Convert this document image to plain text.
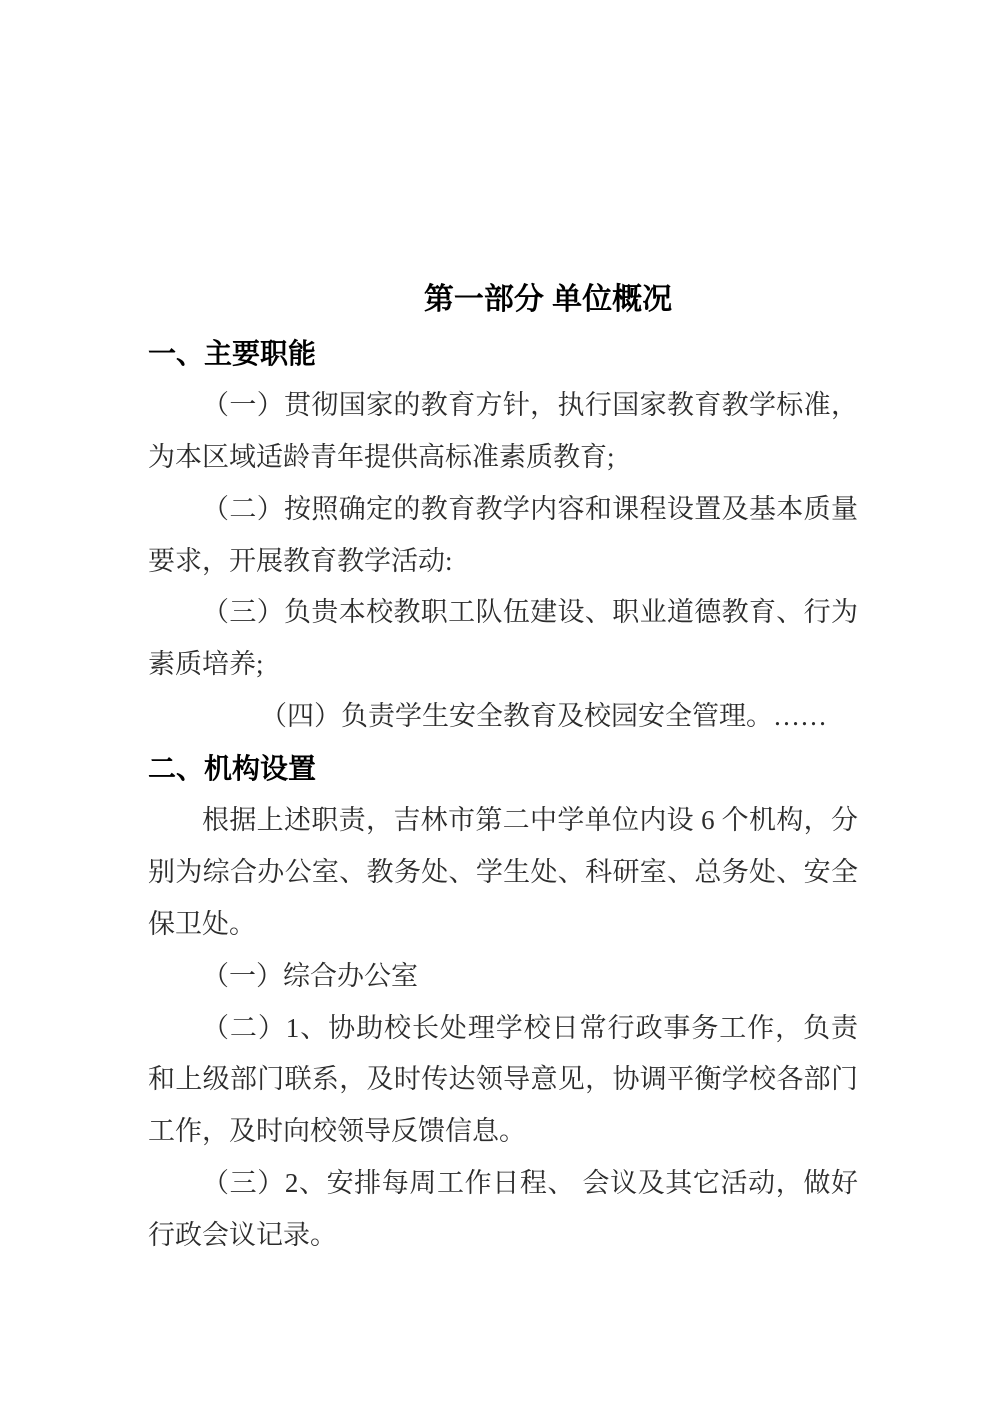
第一部分 单位概况
一、主要职能
（一）贯彻国家的教育方针，执行国家教育教学标准，
为本区域适龄青年提供高标准素质教育;
（二）按照确定的教育教学内容和课程设置及基本质量
要求，开展教育教学活动:
（三）负贵本校教职工队伍建设、职业道德教育、行为
素质培养;
（四）负责学生安全教育及校园安全管理。……
二、机构设置
根据上述职责，吉林市第二中学单位内设 6 个机构，分
别为综合办公室、教务处、学生处、科研室、总务处、安全
保卫处。
（一）综合办公室
（二）1、协助校长处理学校日常行政事务工作，负责
和上级部门联系，及时传达领导意见，协调平衡学校各部门
工作，及时向校领导反馈信息。
（三）2、安排每周工作日程、 会议及其它活动，做好
行政会议记录。
